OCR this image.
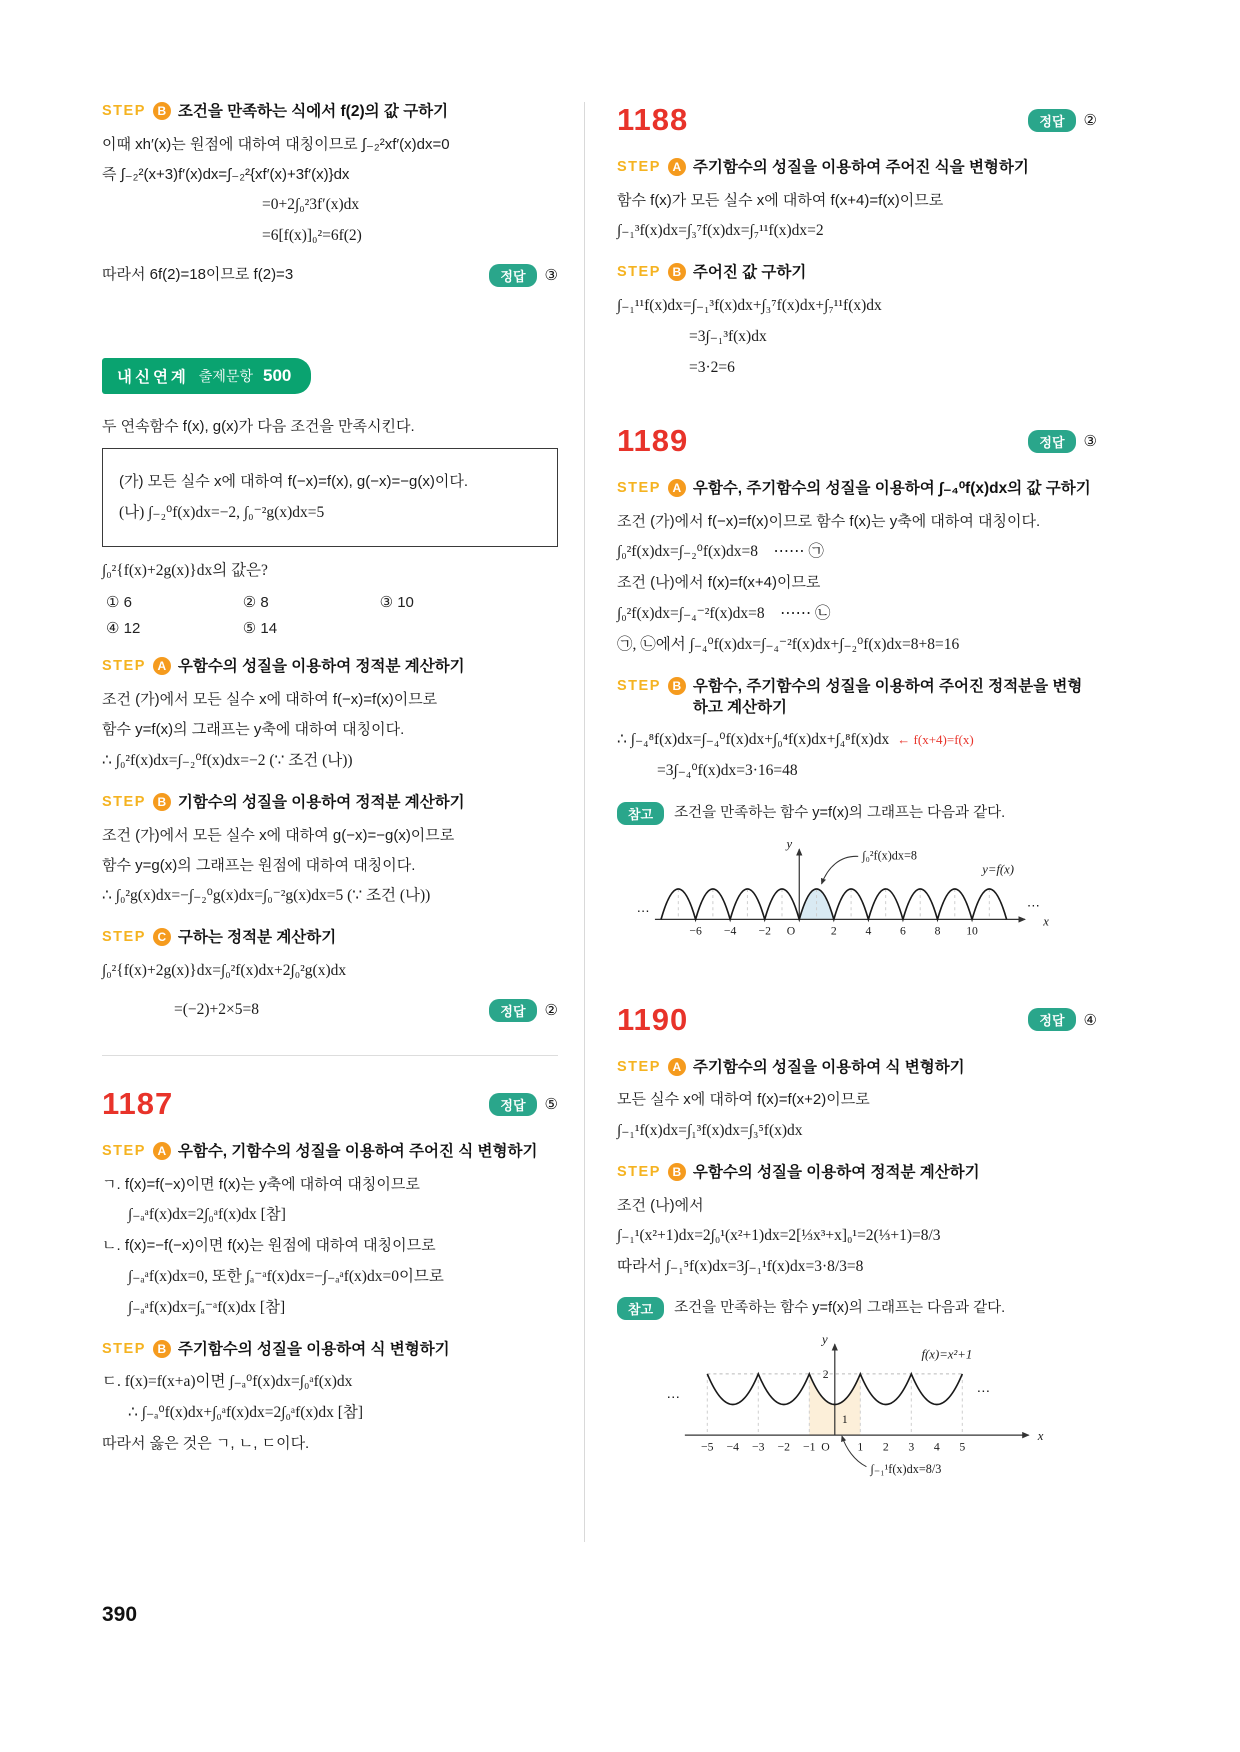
STEP B 조건을 만족하는 식에서 f(2)의 값 구하기
이때 xh′(x)는 원점에 대하여 대칭이므로 ∫₋₂²xf′(x)dx=0
즉 ∫₋₂²(x+3)f′(x)dx=∫₋₂²{xf′(x)+3f′(x)}dx
=0+2∫₀²3f′(x)dx
=6[f(x)]₀²=6f(2)
따라서 6f(2)=18이므로 f(2)=3	정답	③
내신연계 출제문항 500
두 연속함수 f(x), g(x)가 다음 조건을 만족시킨다.
(가) 모든 실수 x에 대하여 f(−x)=f(x), g(−x)=−g(x)이다.
(나) ∫₋₂⁰f(x)dx=−2, ∫₀⁻²g(x)dx=5
∫₀²{f(x)+2g(x)}dx의 값은?
① 6	② 8	③ 10
④ 12	⑤ 14
STEP A 우함수의 성질을 이용하여 정적분 계산하기
조건 (가)에서 모든 실수 x에 대하여 f(−x)=f(x)이므로
함수 y=f(x)의 그래프는 y축에 대하여 대칭이다.
∴ ∫₀²f(x)dx=∫₋₂⁰f(x)dx=−2 (∵ 조건 (나))
STEP B 기함수의 성질을 이용하여 정적분 계산하기
조건 (가)에서 모든 실수 x에 대하여 g(−x)=−g(x)이므로
함수 y=g(x)의 그래프는 원점에 대하여 대칭이다.
∴ ∫₀²g(x)dx=−∫₋₂⁰g(x)dx=∫₀⁻²g(x)dx=5 (∵ 조건 (나))
STEP C 구하는 정적분 계산하기
∫₀²{f(x)+2g(x)}dx=∫₀²f(x)dx+2∫₀²g(x)dx
=(−2)+2×5=8	정답	②
1187	정답	⑤
STEP A 우함수, 기함수의 성질을 이용하여 주어진 식 변형하기
ㄱ. f(x)=f(−x)이면 f(x)는 y축에 대하여 대칭이므로
∫₋ₐᵃf(x)dx=2∫₀ᵃf(x)dx [참]
ㄴ. f(x)=−f(−x)이면 f(x)는 원점에 대하여 대칭이므로
∫₋ₐᵃf(x)dx=0, 또한 ∫ₐ⁻ᵃf(x)dx=−∫₋ₐᵃf(x)dx=0이므로
∫₋ₐᵃf(x)dx=∫ₐ⁻ᵃf(x)dx [참]
STEP B 주기함수의 성질을 이용하여 식 변형하기
ㄷ. f(x)=f(x+a)이면 ∫₋ₐ⁰f(x)dx=∫₀ᵃf(x)dx
∴ ∫₋ₐ⁰f(x)dx+∫₀ᵃf(x)dx=2∫₀ᵃf(x)dx [참]
따라서 옳은 것은 ㄱ, ㄴ, ㄷ이다.
1188	정답	②
STEP A 주기함수의 성질을 이용하여 주어진 식을 변형하기
함수 f(x)가 모든 실수 x에 대하여 f(x+4)=f(x)이므로
∫₋₁³f(x)dx=∫₃⁷f(x)dx=∫₇¹¹f(x)dx=2
STEP B 주어진 값 구하기
∫₋₁¹¹f(x)dx=∫₋₁³f(x)dx+∫₃⁷f(x)dx+∫₇¹¹f(x)dx
=3∫₋₁³f(x)dx
=3·2=6
1189	정답	③
STEP A 우함수, 주기함수의 성질을 이용하여 ∫₋₄⁰f(x)dx의 값 구하기
조건 (가)에서 f(−x)=f(x)이므로 함수 f(x)는 y축에 대하여 대칭이다.
∫₀²f(x)dx=∫₋₂⁰f(x)dx=8　⋯⋯ ㉠
조건 (나)에서 f(x)=f(x+4)이므로
∫₀²f(x)dx=∫₋₄⁻²f(x)dx=8　⋯⋯ ㉡
㉠, ㉡에서 ∫₋₄⁰f(x)dx=∫₋₄⁻²f(x)dx+∫₋₂⁰f(x)dx=8+8=16
STEP B 우함수, 주기함수의 성질을 이용하여 주어진 정적분을 변형하고 계산하기
∴ ∫₋₄⁸f(x)dx=∫₋₄⁰f(x)dx+∫₀⁴f(x)dx+∫₄⁸f(x)dx ← f(x+4)=f(x)
=3∫₋₄⁰f(x)dx=3·16=48
참고	조건을 만족하는 함수 y=f(x)의 그래프는 다음과 같다.
∫₀²f(x)dx=8
y=f(x)
y
x
⋯	⋯
−6 −4 −2 O	2 4 6 8 10
1190	정답	④
STEP A 주기함수의 성질을 이용하여 식 변형하기
모든 실수 x에 대하여 f(x)=f(x+2)이므로
∫₋₁¹f(x)dx=∫₁³f(x)dx=∫₃⁵f(x)dx
STEP B 우함수의 성질을 이용하여 정적분 계산하기
조건 (나)에서
∫₋₁¹(x²+1)dx=2∫₀¹(x²+1)dx=2[⅓x³+x]₀¹=2(⅓+1)=8/3
따라서 ∫₋₁⁵f(x)dx=3∫₋₁¹f(x)dx=3·8/3=8
참고	조건을 만족하는 함수 y=f(x)의 그래프는 다음과 같다.
f(x)=x²+1
2
1
y
x
⋯	⋯
−5 −4 −3 −2 −1 O 1 2 3 4 5
∫₋₁¹f(x)dx=8/3
390
